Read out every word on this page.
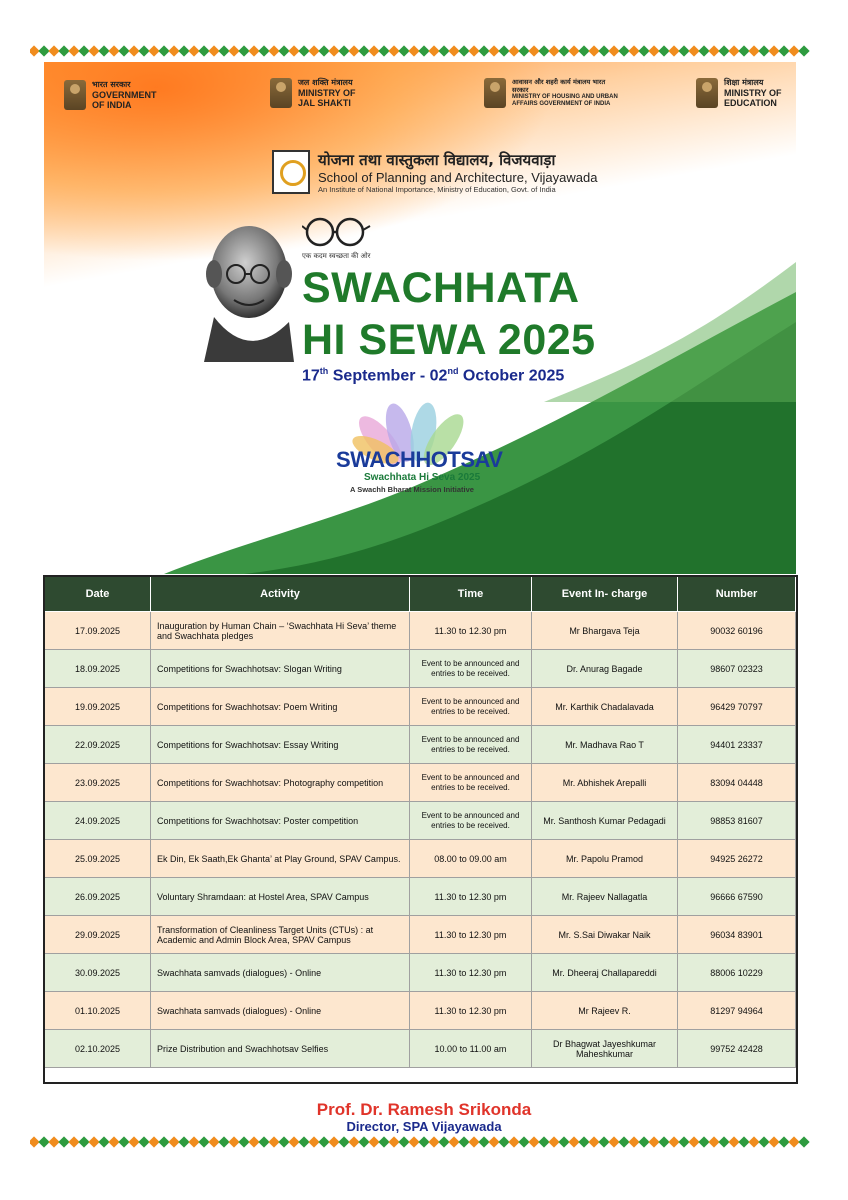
भारत सरकार
GOVERNMENT OF INDIA
जल शक्ति मंत्रालय
MINISTRY OF JAL SHAKTI
आवासन और शहरी कार्य मंत्रालय भारत सरकार
MINISTRY OF HOUSING AND URBAN AFFAIRS GOVERNMENT OF INDIA
शिक्षा मंत्रालय
MINISTRY OF EDUCATION
योजना तथा वास्तुकला विद्यालय, विजयवाड़ा
School of Planning and Architecture, Vijayawada
An Institute of National Importance, Ministry of Education, Govt. of India
एक कदम स्वच्छता की ओर
SWACHHATA
HI SEWA 2025
17th September - 02nd October 2025
SWACHHOTSAV
Swachhata Hi Seva 2025
A Swachh Bharat Mission Initiative
Date	Activity	Time	Event In- charge	Number
17.09.2025	Inauguration by Human Chain – ‘Swachhata Hi Seva’ theme and Swachhata pledges	11.30 to 12.30 pm	Mr Bhargava Teja	90032 60196
18.09.2025	Competitions for Swachhotsav: Slogan Writing	Event to be announced and entries to be received.	Dr. Anurag Bagade	98607 02323
19.09.2025	Competitions for Swachhotsav: Poem Writing	Event to be announced and entries to be received.	Mr. Karthik Chadalavada	96429 70797
22.09.2025	Competitions for Swachhotsav: Essay Writing	Event to be announced and entries to be received.	Mr. Madhava Rao T	94401 23337
23.09.2025	Competitions for Swachhotsav: Photography competition	Event to be announced and entries to be received.	Mr. Abhishek Arepalli	83094 04448
24.09.2025	Competitions for Swachhotsav: Poster competition	Event to be announced and entries to be received.	Mr. Santhosh Kumar Pedagadi	98853 81607
25.09.2025	Ek Din, Ek Saath,Ek Ghanta’ at Play Ground, SPAV Campus.	08.00 to 09.00 am	Mr. Papolu Pramod	94925 26272
26.09.2025	Voluntary Shramdaan: at Hostel Area, SPAV Campus	11.30 to 12.30 pm	Mr. Rajeev Nallagatla	96666 67590
29.09.2025	Transformation of Cleanliness Target Units (CTUs) : at Academic and Admin Block Area, SPAV Campus	11.30 to 12.30 pm	Mr. S.Sai Diwakar Naik	96034 83901
30.09.2025	Swachhata samvads (dialogues) - Online	11.30 to 12.30 pm	Mr. Dheeraj Challapareddi	88006 10229
01.10.2025	Swachhata samvads (dialogues) - Online	11.30 to 12.30 pm	Mr Rajeev R.	81297 94964
02.10.2025	Prize Distribution and Swachhotsav Selfies	10.00 to 11.00 am	Dr Bhagwat Jayeshkumar Maheshkumar	99752 42428
Prof. Dr. Ramesh Srikonda
Director, SPA Vijayawada
